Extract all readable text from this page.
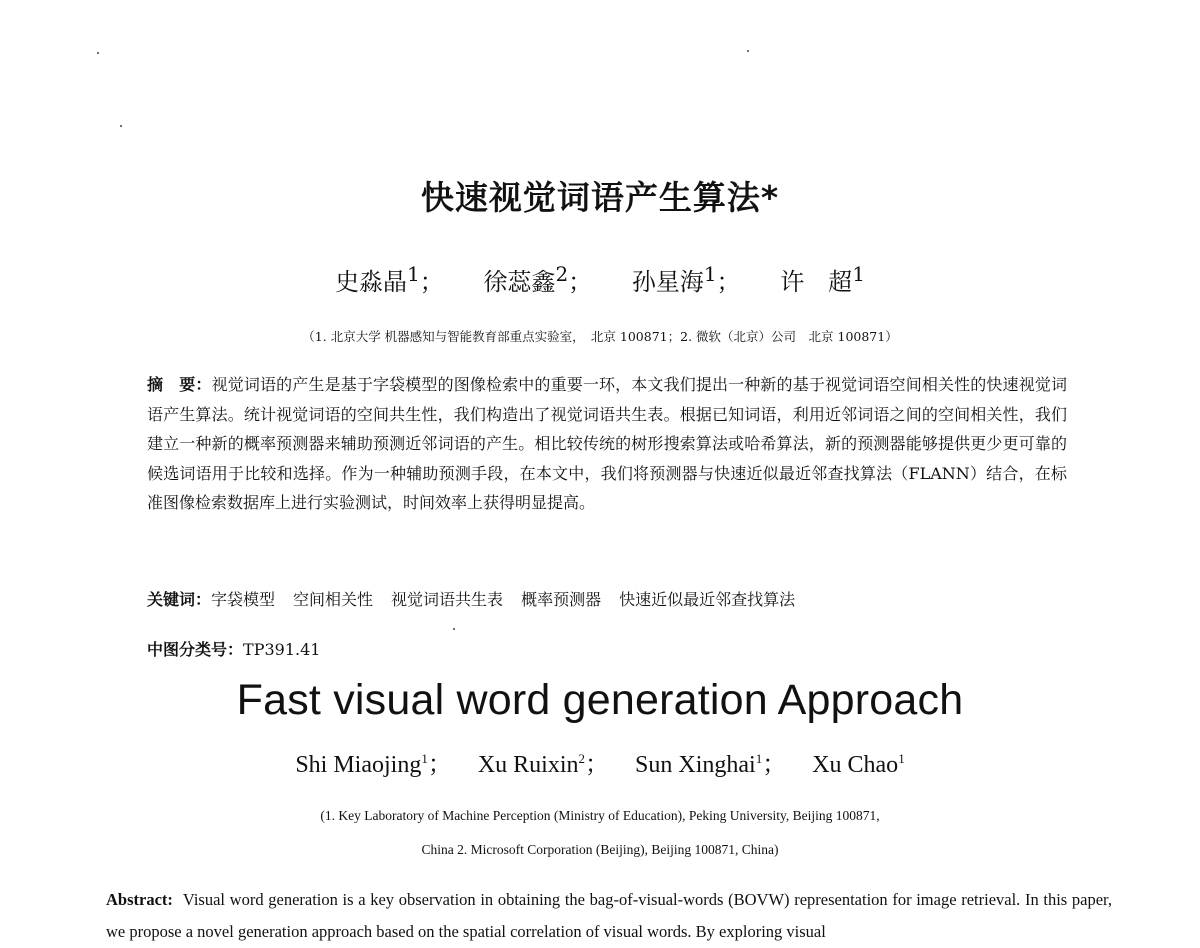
快速视觉词语产生算法*
史淼晶$^1$； 徐蕊鑫$^2$； 孙星海$^1$； 许　超$^1$
（1. 北京大学 机器感知与智能教育部重点实验室，　北京 100871；2. 微软（北京）公司　北京 100871）
摘　要：视觉词语的产生是基于字袋模型的图像检索中的重要一环，本文我们提出一种新的基于视觉词语空间相关性的快速视觉词语产生算法。统计视觉词语的空间共生性，我们构造出了视觉词语共生表。根据已知词语，利用近邻词语之间的空间相关性，我们建立一种新的概率预测器来辅助预测近邻词语的产生。相比较传统的树形搜索算法或哈希算法，新的预测器能够提供更少更可靠的候选词语用于比较和选择。作为一种辅助预测手段，在本文中，我们将预测器与快速近似最近邻查找算法（FLANN）结合，在标准图像检索数据库上进行实验测试，时间效率上获得明显提高。
关键词：字袋模型 空间相关性 视觉词语共生表 概率预测器 快速近似最近邻查找算法
中图分类号：TP391.41
Fast visual word generation Approach
Shi Miaojing$^1$； Xu Ruixin$^2$； Sun Xinghai$^1$； Xu Chao$^1$
(1. Key Laboratory of Machine Perception (Ministry of Education), Peking University, Beijing 100871,
China 2. Microsoft Corporation (Beijing), Beijing 100871, China)
Abstract: Visual word generation is a key observation in obtaining the bag-of-visual-words (BOVW) representation for image retrieval. In this paper, we propose a novel generation approach based on the spatial correlation of visual words. By exploring visual
